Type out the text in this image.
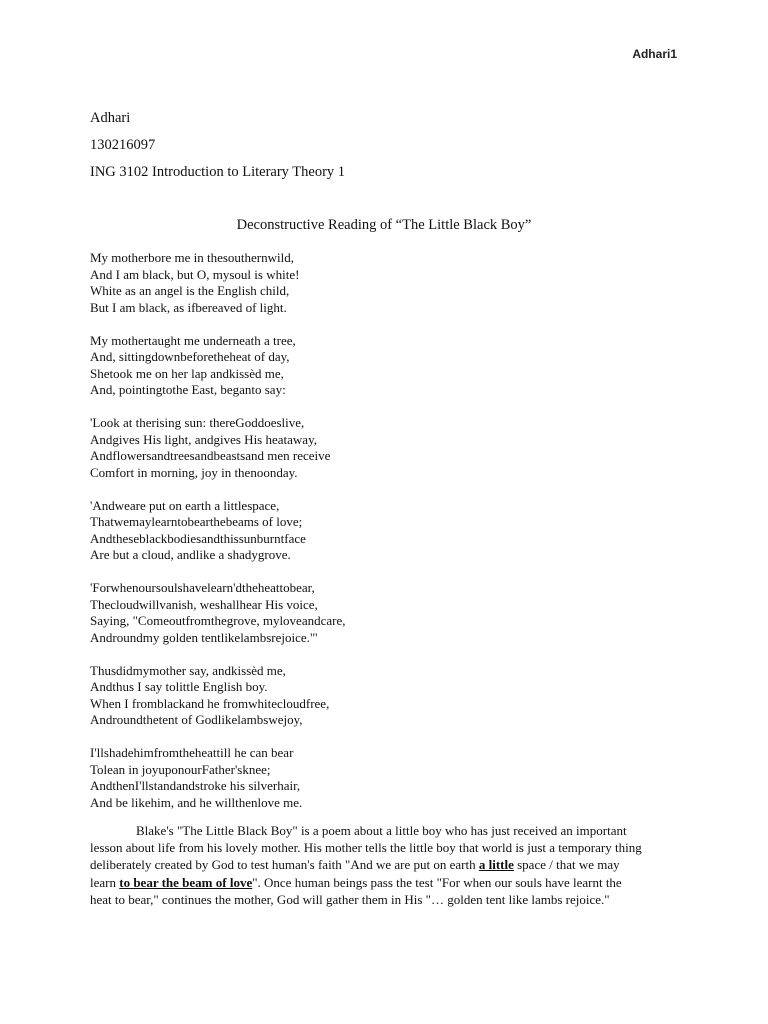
Adhari1
Adhari
130216097
ING 3102 Introduction to Literary Theory 1
Deconstructive Reading of “The Little Black Boy”
My motherbore me in thesouthernwild,
And I am black, but O, mysoul is white!
White as an angel is the English child,
But I am black, as ifbereaved of light.
My mothertaught me underneath a tree,
And, sittingdownbeforetheheat of day,
Shetook me on her lap andkissèd me,
And, pointingtothe East, beganto say:
'Look at therising sun: thereGoddoeslive,
Andgives His light, andgives His heataway,
Andflowersandtreesandbeastsand men receive
Comfort in morning, joy in thenoonday.
'Andweare put on earth a littlespace,
Thatwemaylearntobearthebeams of love;
Andtheseblackbodiesandthissunburntface
Are but a cloud, andlike a shadygrove.
'Forwhenoursoulshavelearn'dtheheattobear,
Thecloudwillvanish, weshallhear His voice,
Saying, "Comeoutfromthegrove, myloveandcare,
Androundmy golden tentlikelambsrejoice."'
Thusdidmymother say, andkissèd me,
Andthus I say tolittle English boy.
When I fromblackand he fromwhitecloudfree,
Androundthetent of Godlikelambswejoy,
I'llshadehimfromtheheattill he can bear
Tolean in joyuponourFather'sknee;
AndthenI'llstandandstroke his silverhair,
And be likehim, and he willthenlove me.
Blake's "The Little Black Boy" is a poem about a little boy who has just received an important
lesson about life from his lovely mother. His mother tells the little boy that world is just a temporary thing
deliberately created by God to test human's faith "And we are put on earth a little space / that we may
learn to bear the beam of love". Once human beings pass the test "For when our souls have learnt the
heat to bear," continues the mother, God will gather them in His "… golden tent like lambs rejoice."
